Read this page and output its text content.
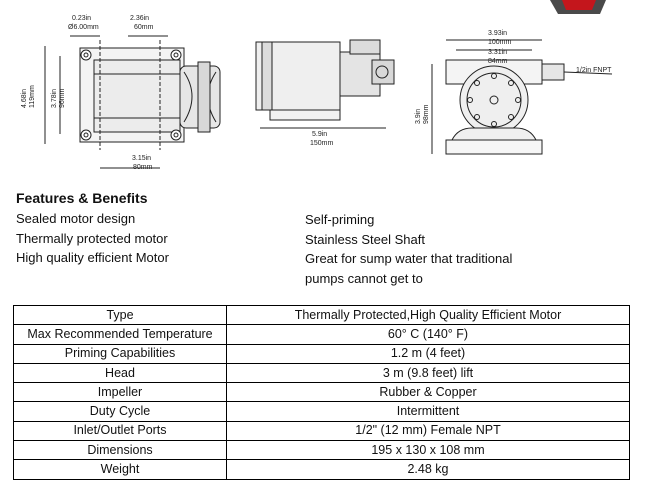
0.23in
Ø6.00mm
2.36in
60mm
4.68in 119mm 3.78in 96mm
3.15in
80mm
5.9in
150mm
3.9in 98mm
3.93in
100mm
3.31in
84mm
1/2in FNPT
Features & Benefits
Sealed motor design
Thermally protected motor
High quality efficient Motor
Self-priming
Stainless Steel Shaft
Great for sump water that traditional
pumps cannot get to
Type	Thermally Protected,High Quality Efficient Motor
Max Recommended Temperature	60° C (140° F)
Priming Capabilities	1.2 m (4 feet)
Head	3 m (9.8 feet) lift
Impeller	Rubber & Copper
Duty Cycle	Intermittent
Inlet/Outlet Ports	1/2" (12 mm) Female NPT
Dimensions	195 x 130 x 108 mm
Weight	2.48 kg
